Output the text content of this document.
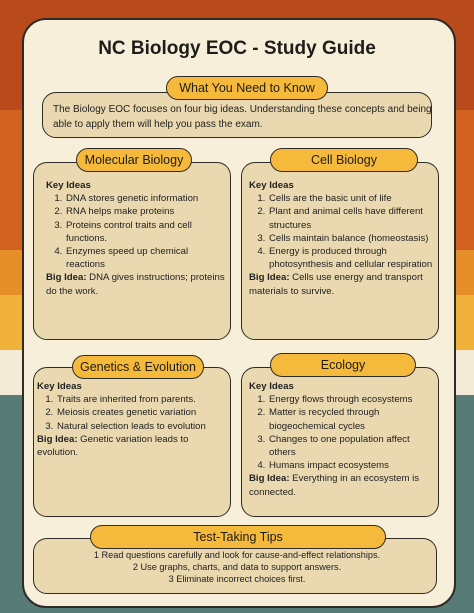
NC Biology EOC - Study Guide
What You Need to Know
The Biology EOC focuses on four big ideas. Understanding these concepts and being able to apply them will help you pass the exam.
Molecular Biology
Key Ideas
1. DNA stores genetic information
2. RNA helps make proteins
3. Proteins control traits and cell functions.
4. Enzymes speed up chemical reactions
Big Idea: DNA gives instructions; proteins do the work.
Cell Biology
Key Ideas
1. Cells are the basic unit of life
2. Plant and animal cells have different structures
3. Cells maintain balance (homeostasis)
4. Energy is produced through photosynthesis and cellular respiration
Big Idea: Cells use energy and transport materials to survive.
Genetics & Evolution
Key Ideas
1. Traits are inherited from parents.
2. Meiosis creates genetic variation
3. Natural selection leads to evolution
Big Idea: Genetic variation leads to evolution.
Ecology
Key Ideas
1. Energy flows through ecosystems
2. Matter is recycled through biogeochemical cycles
3. Changes to one population affect others
4. Humans impact ecosystems
Big Idea: Everything in an ecosystem is connected.
Test-Taking Tips
1 Read questions carefully and look for cause-and-effect relationships.
2 Use graphs, charts, and data to support answers.
3 Eliminate incorrect choices first.
